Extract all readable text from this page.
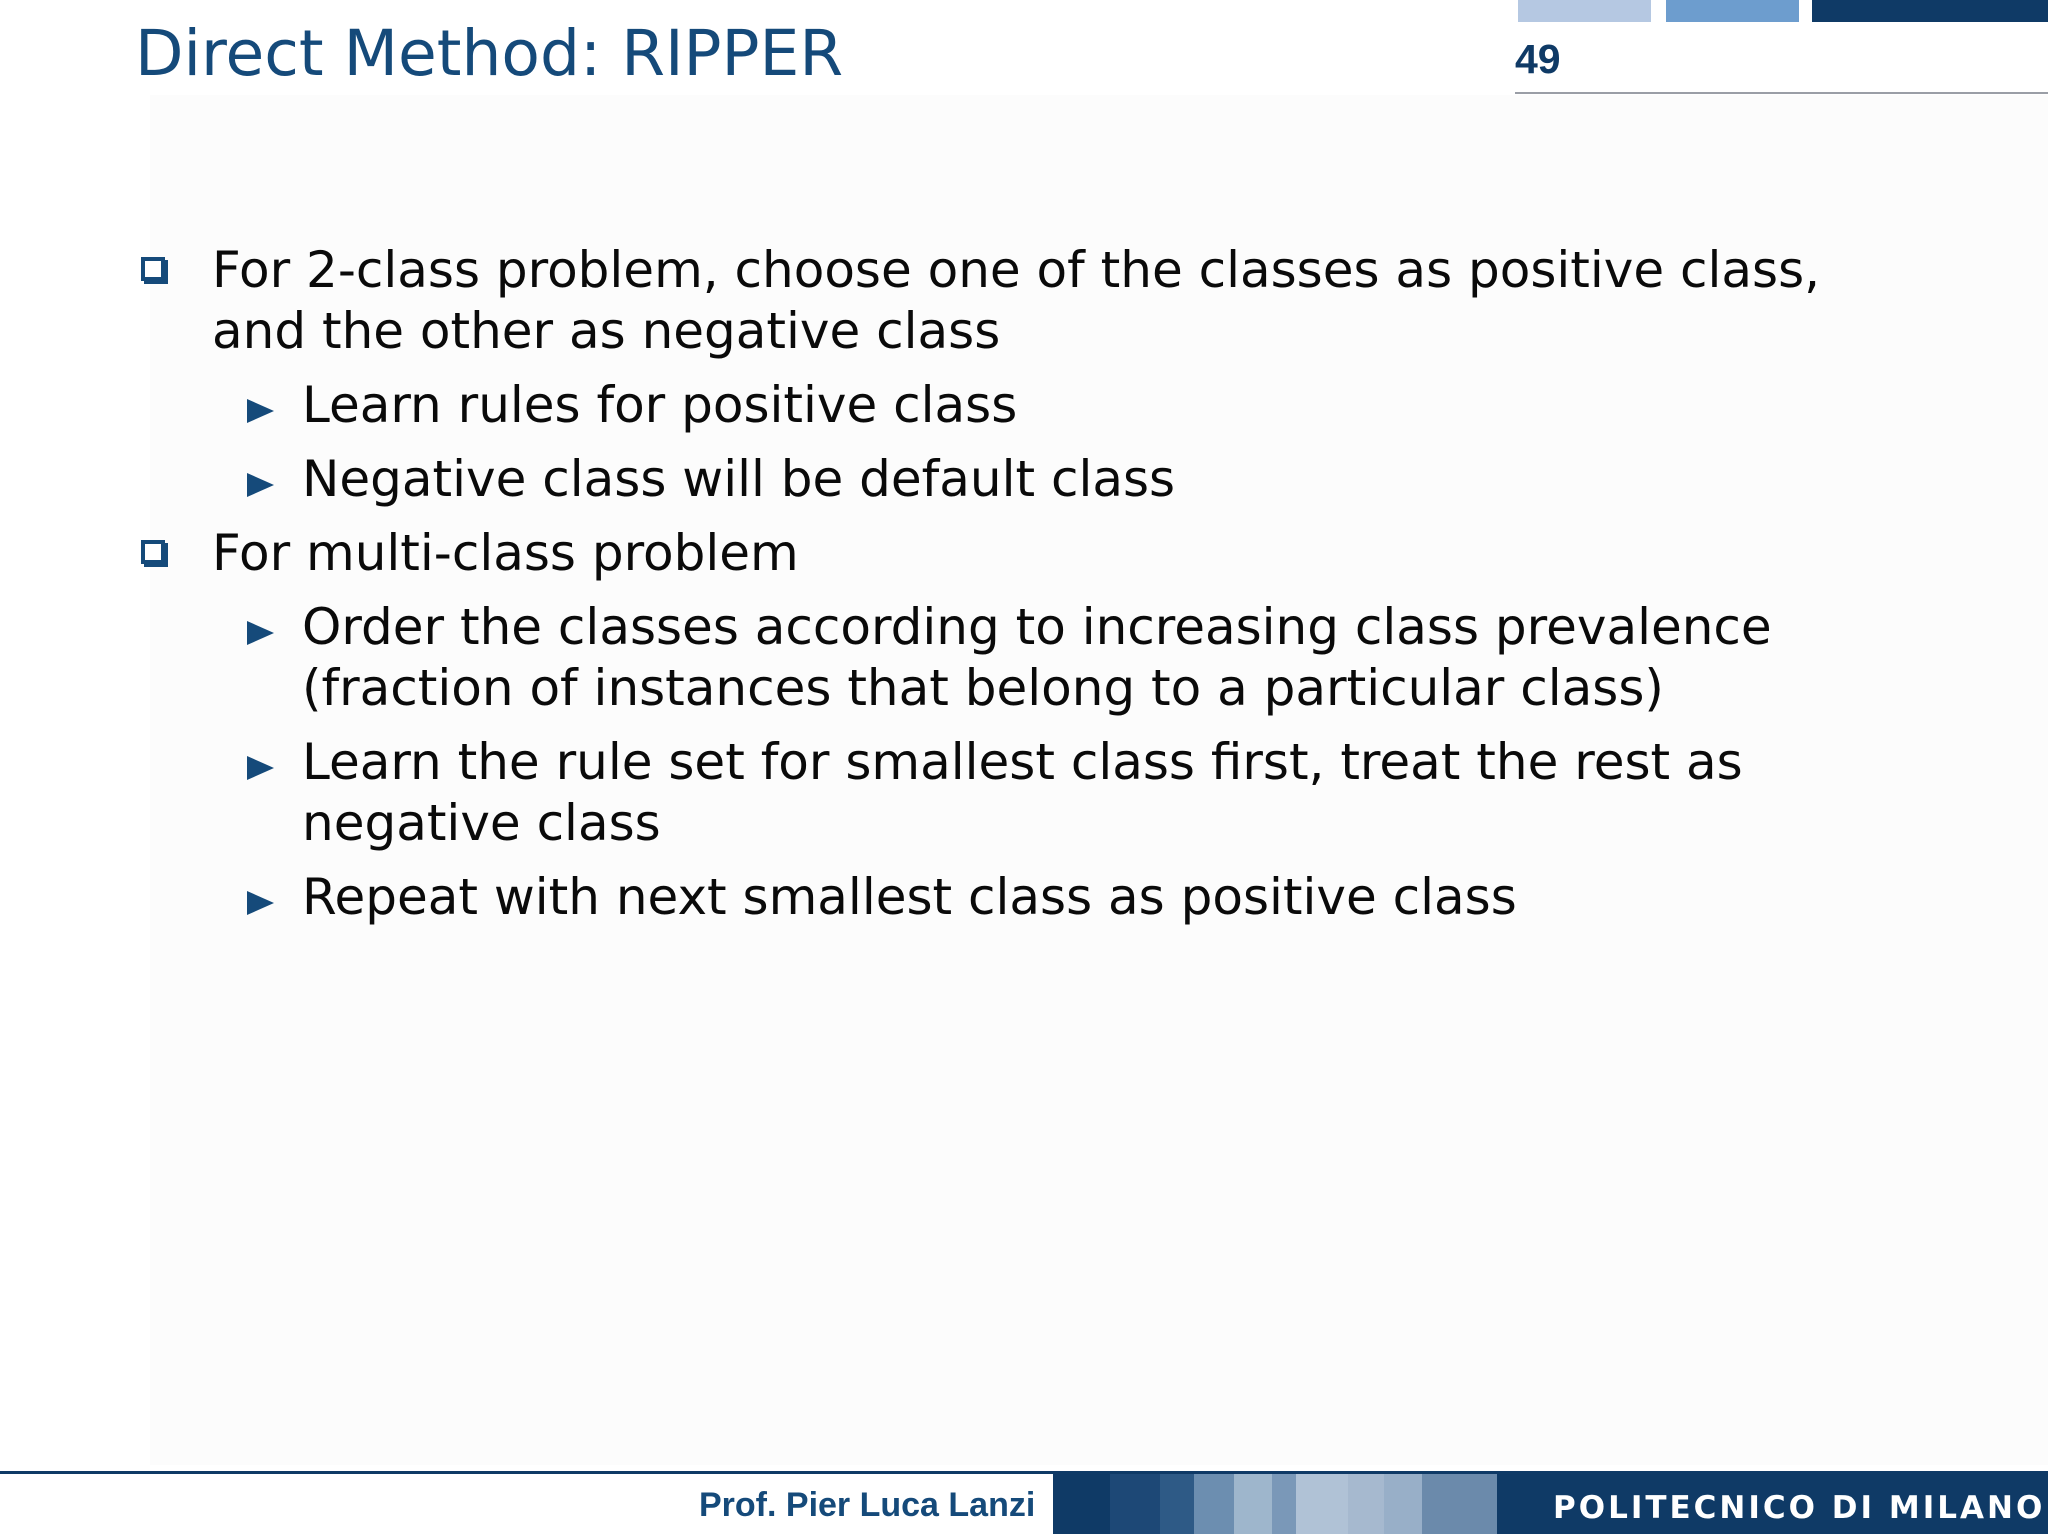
Direct Method: RIPPER	49
For 2-class problem, choose one of the classes as positive class,
and the other as negative class
Learn rules for positive class
Negative class will be default class
For multi-class problem
Order the classes according to increasing class prevalence
(fraction of instances that belong to a particular class)
Learn the rule set for smallest class first, treat the rest as
negative class
Repeat with next smallest class as positive class
Prof. Pier Luca Lanzi	POLITECNICO DI MILANO
